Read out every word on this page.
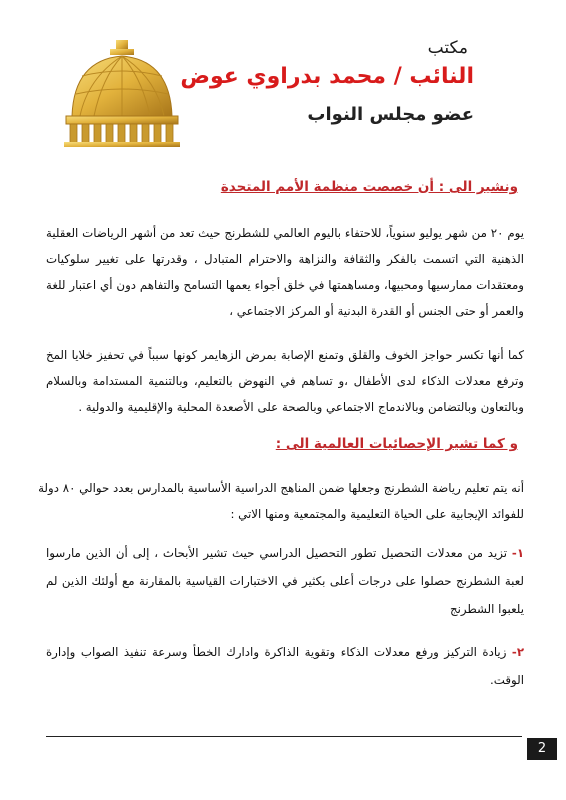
مكتب
النائب / محمد بدراوي عوض
عضو مجلس النواب
ونشير الى : أن خصصت منظمة الأمم المتحدة
يوم ٢٠ من شهر يوليو سنوياً، للاحتفاء باليوم العالمي للشطرنج حيث تعد من أشهر الرياضات العقلية
الذهنية التي اتسمت بالفكر والثقافة والنزاهة والاحترام المتبادل ، وقدرتها على تغيير سلوكيات
ومعتقدات ممارسيها ومحبيها، ومساهمتها في خلق أجواء يعمها التسامح والتفاهم دون أي اعتبار للغة
والعمر أو حتى الجنس أو القدرة البدنية أو المركز الاجتماعي ،
كما أنها تكسر حواجز الخوف والقلق وتمنع الإصابة بمرض الزهايمر كونها سبباً في تحفيز خلايا المخ
وترفع معدلات الذكاء لدى الأطفال ،و تساهم في النهوض بالتعليم، وبالتنمية المستدامة وبالسلام
وبالتعاون وبالتضامن وبالاندماج الاجتماعي وبالصحة على الأصعدة المحلية والإقليمية والدولية .
و كما تشير الإحصائيات العالمية الى :
أنه يتم تعليم رياضة الشطرنج وجعلها ضمن المناهج الدراسية الأساسية بالمدارس بعدد حوالي ٨٠ دولة
للفوائد الإيجابية على الحياة التعليمية والمجتمعية ومنها الاتي :
١- تزيد من معدلات التحصيل تطور التحصيل الدراسي حيث تشير الأبحاث ، إلى أن الذين مارسوا
لعبة الشطرنج حصلوا على درجات أعلى بكثير في الاختبارات القياسية بالمقارنة مع أولئك الذين لم
يلعبوا الشطرنج
٢- زيادة التركيز ورفع معدلات الذكاء وتقوية الذاكرة وادارك الخطأ وسرعة تنفيذ الصواب وإدارة
الوقت.
2
